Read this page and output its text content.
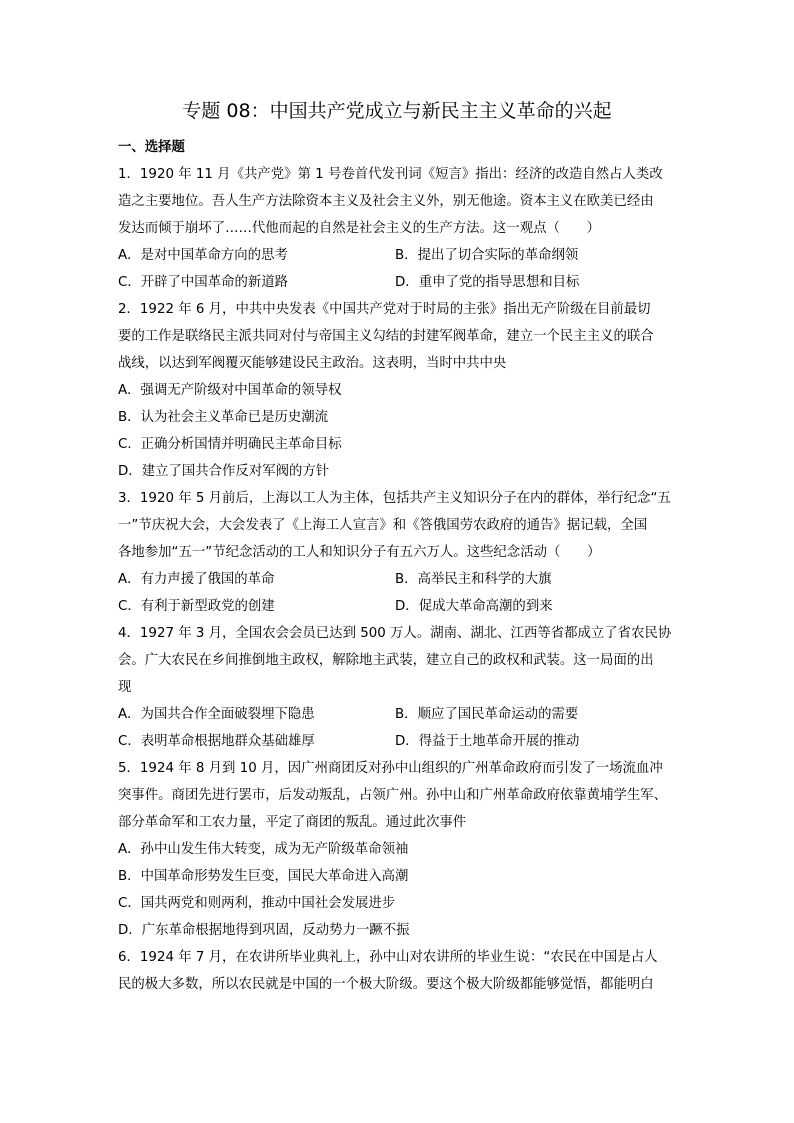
专题 08：中国共产党成立与新民主主义革命的兴起
一、选择题
1．1920 年 11 月《共产党》第 1 号卷首代发刊词《短言》指出：经济的改造自然占人类改
造之主要地位。吾人生产方法除资本主义及社会主义外，别无他途。资本主义在欧美已经由
发达而倾于崩坏了……代他而起的自然是社会主义的生产方法。这一观点（　　）
A．是对中国革命方向的思考	B．提出了切合实际的革命纲领
C．开辟了中国革命的新道路	D．重申了党的指导思想和目标
2．1922 年 6 月，中共中央发表《中国共产党对于时局的主张》指出无产阶级在目前最切
要的工作是联络民主派共同对付与帝国主义勾结的封建军阀革命，建立一个民主主义的联合
战线，以达到军阀覆灭能够建设民主政治。这表明，当时中共中央
A．强调无产阶级对中国革命的领导权
B．认为社会主义革命已是历史潮流
C．正确分析国情并明确民主革命目标
D．建立了国共合作反对军阀的方针
3．1920 年 5 月前后，上海以工人为主体，包括共产主义知识分子在内的群体，举行纪念“五
一”节庆祝大会，大会发表了《上海工人宣言》和《答俄国劳农政府的通告》据记载，全国
各地参加“五一”节纪念活动的工人和知识分子有五六万人。这些纪念活动（　　）
A．有力声援了俄国的革命	B．高举民主和科学的大旗
C．有利于新型政党的创建	D．促成大革命高潮的到来
4．1927 年 3 月，全国农会会员已达到 500 万人。湖南、湖北、江西等省都成立了省农民协
会。广大农民在乡间推倒地主政权，解除地主武装，建立自己的政权和武装。这一局面的出
现
A．为国共合作全面破裂埋下隐患	B．顺应了国民革命运动的需要
C．表明革命根据地群众基础雄厚	D．得益于土地革命开展的推动
5．1924 年 8 月到 10 月，因广州商团反对孙中山组织的广州革命政府而引发了一场流血冲
突事件。商团先进行罢市，后发动叛乱，占领广州。孙中山和广州革命政府依靠黄埔学生军、
部分革命军和工农力量，平定了商团的叛乱。通过此次事件
A．孙中山发生伟大转变，成为无产阶级革命领袖
B．中国革命形势发生巨变，国民大革命进入高潮
C．国共两党和则两利，推动中国社会发展进步
D．广东革命根据地得到巩固，反动势力一蹶不振
6．1924 年 7 月，在农讲所毕业典礼上，孙中山对农讲所的毕业生说：“农民在中国是占人
民的极大多数，所以农民就是中国的一个极大阶级。要这个极大阶级都能够觉悟，都能明白
